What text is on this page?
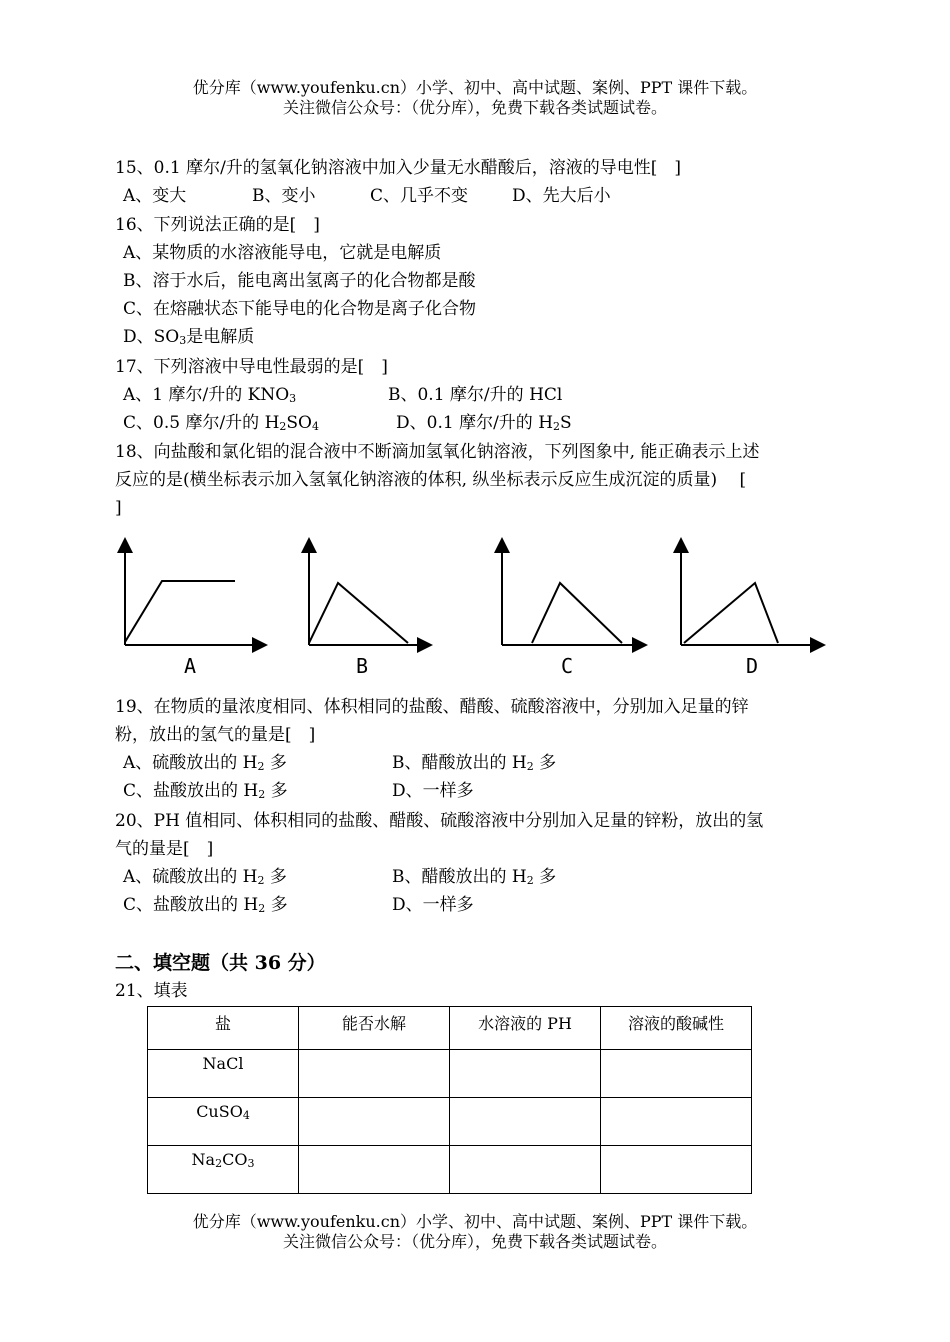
优分库（www.youfenku.cn）小学、初中、高中试题、案例、PPT 课件下载。
关注微信公众号：（优分库），免费下载各类试题试卷。
15、0.1 摩尔/升的氢氧化钠溶液中加入少量无水醋酸后，溶液的导电性[　]
A、变大	B、变小	C、几乎不变	D、先大后小
16、下列说法正确的是[　]
A、某物质的水溶液能导电，它就是电解质
B、溶于水后，能电离出氢离子的化合物都是酸
C、在熔融状态下能导电的化合物是离子化合物
D、$SO_3$是电解质
17、下列溶液中导电性最弱的是[　]
A、1 摩尔/升的 $KNO_3$	B、0.1 摩尔/升的 HCl
C、0.5 摩尔/升的 $H_2SO_4$	D、0.1 摩尔/升的 $H_2S$
18、向盐酸和氯化铝的混合液中不断滴加氢氧化钠溶液，下列图象中, 能正确表示上述
反应的是(横坐标表示加入氢氧化钠溶液的体积, 纵坐标表示反应生成沉淀的质量)　 [
]
A	B	C	D
19、在物质的量浓度相同、体积相同的盐酸、醋酸、硫酸溶液中，分别加入足量的锌
粉，放出的氢气的量是[　]
A、硫酸放出的 $H_2$ 多	B、醋酸放出的 $H_2$ 多
C、盐酸放出的 $H_2$ 多	D、一样多
20、PH 值相同、体积相同的盐酸、醋酸、硫酸溶液中分别加入足量的锌粉，放出的氢
气的量是[　]
A、硫酸放出的 $H_2$ 多	B、醋酸放出的 $H_2$ 多
C、盐酸放出的 $H_2$ 多	D、一样多
二、填空题（共 36 分）
21、填表
盐	能否水解	水溶液的 PH	溶液的酸碱性
NaCl			
CuSO$_4$			
$Na_2CO_3$			
优分库（www.youfenku.cn）小学、初中、高中试题、案例、PPT 课件下载。
关注微信公众号：（优分库），免费下载各类试题试卷。
